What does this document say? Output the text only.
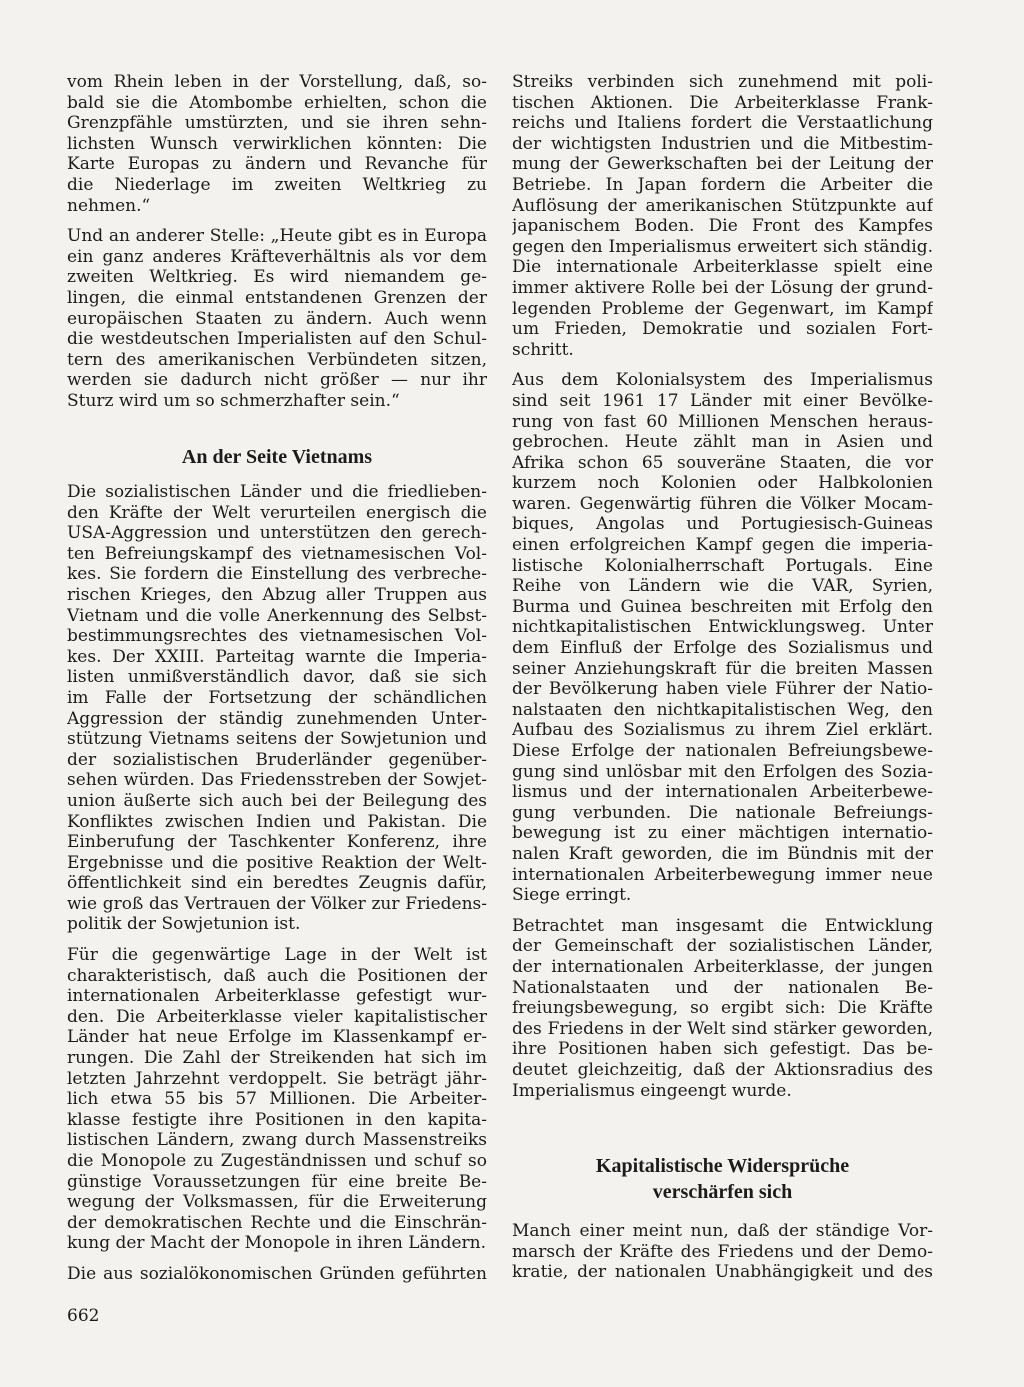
vom Rhein leben in der Vorstellung, daß, so-
bald sie die Atombombe erhielten, schon die
Grenzpfähle umstürzten, und sie ihren sehn-
lichsten Wunsch verwirklichen könnten: Die
Karte Europas zu ändern und Revanche für
die Niederlage im zweiten Weltkrieg zu
nehmen.“
Und an anderer Stelle: „Heute gibt es in Europa
ein ganz anderes Kräfteverhältnis als vor dem
zweiten Weltkrieg. Es wird niemandem ge-
lingen, die einmal entstandenen Grenzen der
europäischen Staaten zu ändern. Auch wenn
die westdeutschen Imperialisten auf den Schul-
tern des amerikanischen Verbündeten sitzen,
werden sie dadurch nicht größer — nur ihr
Sturz wird um so schmerzhafter sein.“
An der Seite Vietnams
Die sozialistischen Länder und die friedlieben-
den Kräfte der Welt verurteilen energisch die
USA-Aggression und unterstützen den gerech-
ten Befreiungskampf des vietnamesischen Vol-
kes. Sie fordern die Einstellung des verbreche-
rischen Krieges, den Abzug aller Truppen aus
Vietnam und die volle Anerkennung des Selbst-
bestimmungsrechtes des vietnamesischen Vol-
kes. Der XXIII. Parteitag warnte die Imperia-
listen unmißverständlich davor, daß sie sich
im Falle der Fortsetzung der schändlichen
Aggression der ständig zunehmenden Unter-
stützung Vietnams seitens der Sowjetunion und
der sozialistischen Bruderländer gegenüber-
sehen würden. Das Friedensstreben der Sowjet-
union äußerte sich auch bei der Beilegung des
Konfliktes zwischen Indien und Pakistan. Die
Einberufung der Taschkenter Konferenz, ihre
Ergebnisse und die positive Reaktion der Welt-
öffentlichkeit sind ein beredtes Zeugnis dafür,
wie groß das Vertrauen der Völker zur Friedens-
politik der Sowjetunion ist.
Für die gegenwärtige Lage in der Welt ist
charakteristisch, daß auch die Positionen der
internationalen Arbeiterklasse gefestigt wur-
den. Die Arbeiterklasse vieler kapitalistischer
Länder hat neue Erfolge im Klassenkampf er-
rungen. Die Zahl der Streikenden hat sich im
letzten Jahrzehnt verdoppelt. Sie beträgt jähr-
lich etwa 55 bis 57 Millionen. Die Arbeiter-
klasse festigte ihre Positionen in den kapita-
listischen Ländern, zwang durch Massenstreiks
die Monopole zu Zugeständnissen und schuf so
günstige Voraussetzungen für eine breite Be-
wegung der Volksmassen, für die Erweiterung
der demokratischen Rechte und die Einschrän-
kung der Macht der Monopole in ihren Ländern.
Die aus sozialökonomischen Gründen geführten
662
Streiks verbinden sich zunehmend mit poli-
tischen Aktionen. Die Arbeiterklasse Frank-
reichs und Italiens fordert die Verstaatlichung
der wichtigsten Industrien und die Mitbestim-
mung der Gewerkschaften bei der Leitung der
Betriebe. In Japan fordern die Arbeiter die
Auflösung der amerikanischen Stützpunkte auf
japanischem Boden. Die Front des Kampfes
gegen den Imperialismus erweitert sich ständig.
Die internationale Arbeiterklasse spielt eine
immer aktivere Rolle bei der Lösung der grund-
legenden Probleme der Gegenwart, im Kampf
um Frieden, Demokratie und sozialen Fort-
schritt.
Aus dem Kolonialsystem des Imperialismus
sind seit 1961 17 Länder mit einer Bevölke-
rung von fast 60 Millionen Menschen heraus-
gebrochen. Heute zählt man in Asien und
Afrika schon 65 souveräne Staaten, die vor
kurzem noch Kolonien oder Halbkolonien
waren. Gegenwärtig führen die Völker Mocam-
biques, Angolas und Portugiesisch-Guineas
einen erfolgreichen Kampf gegen die imperia-
listische Kolonialherrschaft Portugals. Eine
Reihe von Ländern wie die VAR, Syrien,
Burma und Guinea beschreiten mit Erfolg den
nichtkapitalistischen Entwicklungsweg. Unter
dem Einfluß der Erfolge des Sozialismus und
seiner Anziehungskraft für die breiten Massen
der Bevölkerung haben viele Führer der Natio-
nalstaaten den nichtkapitalistischen Weg, den
Aufbau des Sozialismus zu ihrem Ziel erklärt.
Diese Erfolge der nationalen Befreiungsbewe-
gung sind unlösbar mit den Erfolgen des Sozia-
lismus und der internationalen Arbeiterbewe-
gung verbunden. Die nationale Befreiungs-
bewegung ist zu einer mächtigen internatio-
nalen Kraft geworden, die im Bündnis mit der
internationalen Arbeiterbewegung immer neue
Siege erringt.
Betrachtet man insgesamt die Entwicklung
der Gemeinschaft der sozialistischen Länder,
der internationalen Arbeiterklasse, der jungen
Nationalstaaten und der nationalen Be-
freiungsbewegung, so ergibt sich: Die Kräfte
des Friedens in der Welt sind stärker geworden,
ihre Positionen haben sich gefestigt. Das be-
deutet gleichzeitig, daß der Aktionsradius des
Imperialismus eingeengt wurde.
Kapitalistische Widersprüche
verschärfen sich
Manch einer meint nun, daß der ständige Vor-
marsch der Kräfte des Friedens und der Demo-
kratie, der nationalen Unabhängigkeit und des
